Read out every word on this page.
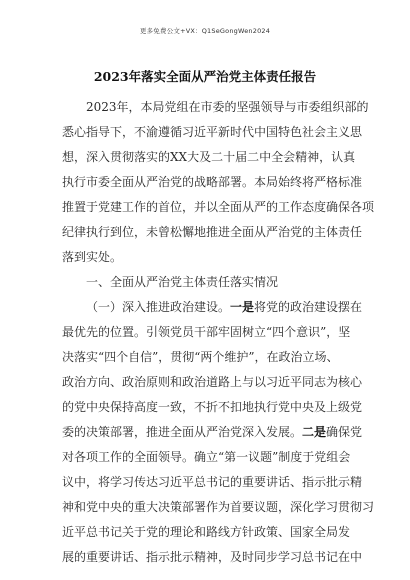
更多免费公文+VX：Q1SeGongWen2024
2023年落实全面从严治党主体责任报告
2023年，本局党组在市委的坚强领导与市委组织部的
悉心指导下，不渝遵循习近平新时代中国特色社会主义思
想，深入贯彻落实的XX大及二十届二中全会精神，认真
执行市委全面从严治党的战略部署。本局始终将严格标准
推置于党建工作的首位，并以全面从严的工作态度确保各项
纪律执行到位，未曾松懈地推进全面从严治党的主体责任
落到实处。
一、全面从严治党主体责任落实情况
（一）深入推进政治建设。一是将党的政治建设摆在
最优先的位置。引领党员干部牢固树立“四个意识”，坚
决落实“四个自信”，贯彻“两个维护”，在政治立场、
政治方向、政治原则和政治道路上与以习近平同志为核心
的党中央保持高度一致，不折不扣地执行党中央及上级党
委的决策部署，推进全面从严治党深入发展。二是确保党
对各项工作的全面领导。确立“第一议题”制度于党组会
议中，将学习传达习近平总书记的重要讲话、指示批示精
神和党中央的重大决策部署作为首要议题，深化学习贯彻习
近平总书记关于党的理论和路线方针政策、国家全局发
展的重要讲话、指示批示精神，及时同步学习总书记在中
